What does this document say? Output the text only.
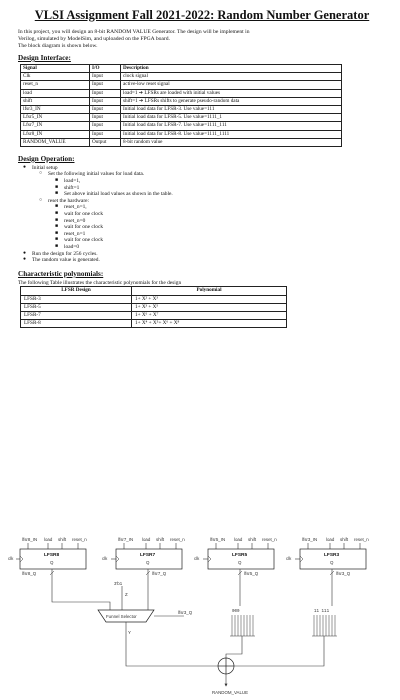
VLSI Assignment Fall 2021-2022: Random Number Generator
In this project, you will design an 8-bit RANDOM VALUE Generator. The design will be implement in
Verilog, simulated by ModelSim, and uploaded on the FPGA board.
The block diagram is shown below.
Design Interface:
Signal	I/O	Description
Clk	Input	clock signal
reset_n	Input	active-low reset signal
load	Input	load=1 ➔ LFSRs are loaded with initial values
shift	Input	shift=1 ➔ LFSRs shifts to generate pseudo-random data
lfsr3_IN	Input	Initial load data for LFSR-3. Use value=111
Lfsr5_IN	Input	Initial load data for LFSR-5. Use value=1111_1
Lfsr7_IN	Input	Initial load data for LFSR-7. Use value=1111_111
Lfsr8_IN	Input	Initial load data for LFSR-8. Use value=1111_1111
RANDOM_VALUE	Output	8-bit random value
Design Operation:
● Initial setup
○ Set the following initial values for load data.
■ load=1,
■ shift=1
■ Set above initial load values as shown in the table.
○ reset the hardware:
■ reset_n=1,
■ wait for one clock
■ reset_n=0
■ wait for one clock
■ reset_n=1
■ wait for one clock
■ load=0
● Run the design for 256 cycles.
● The random value is generated.
Characteristic polynomials:
The following Table illustrates the characteristic polynomials for the design
LFSR Design	Polynomial
LFSR-3	1+ X² + X³
LFSR-5	1+ X³ + X⁵
LFSR-7	1+ X⁶ + X⁷
LFSR-8	1+ X⁴ + X⁵+ X⁶ + X⁸
lfsr8_IN load shift reset_n
LFSR8
Q
clk
lfsr8_Q
lfsr7_IN load shift reset_n
LFSR7
Q
clk
lfsr7_Q
lfsr5_IN load shift reset_n
LFSR5
Q
clk
lfsr5_Q
lfsr3_IN load shift reset_n
LFSR3
Q
clk
lfsr3_Q
3'b1
Z
Funnel Selector
lfsr3_Q
Y
000	11 111
RANDOM_VALUE
